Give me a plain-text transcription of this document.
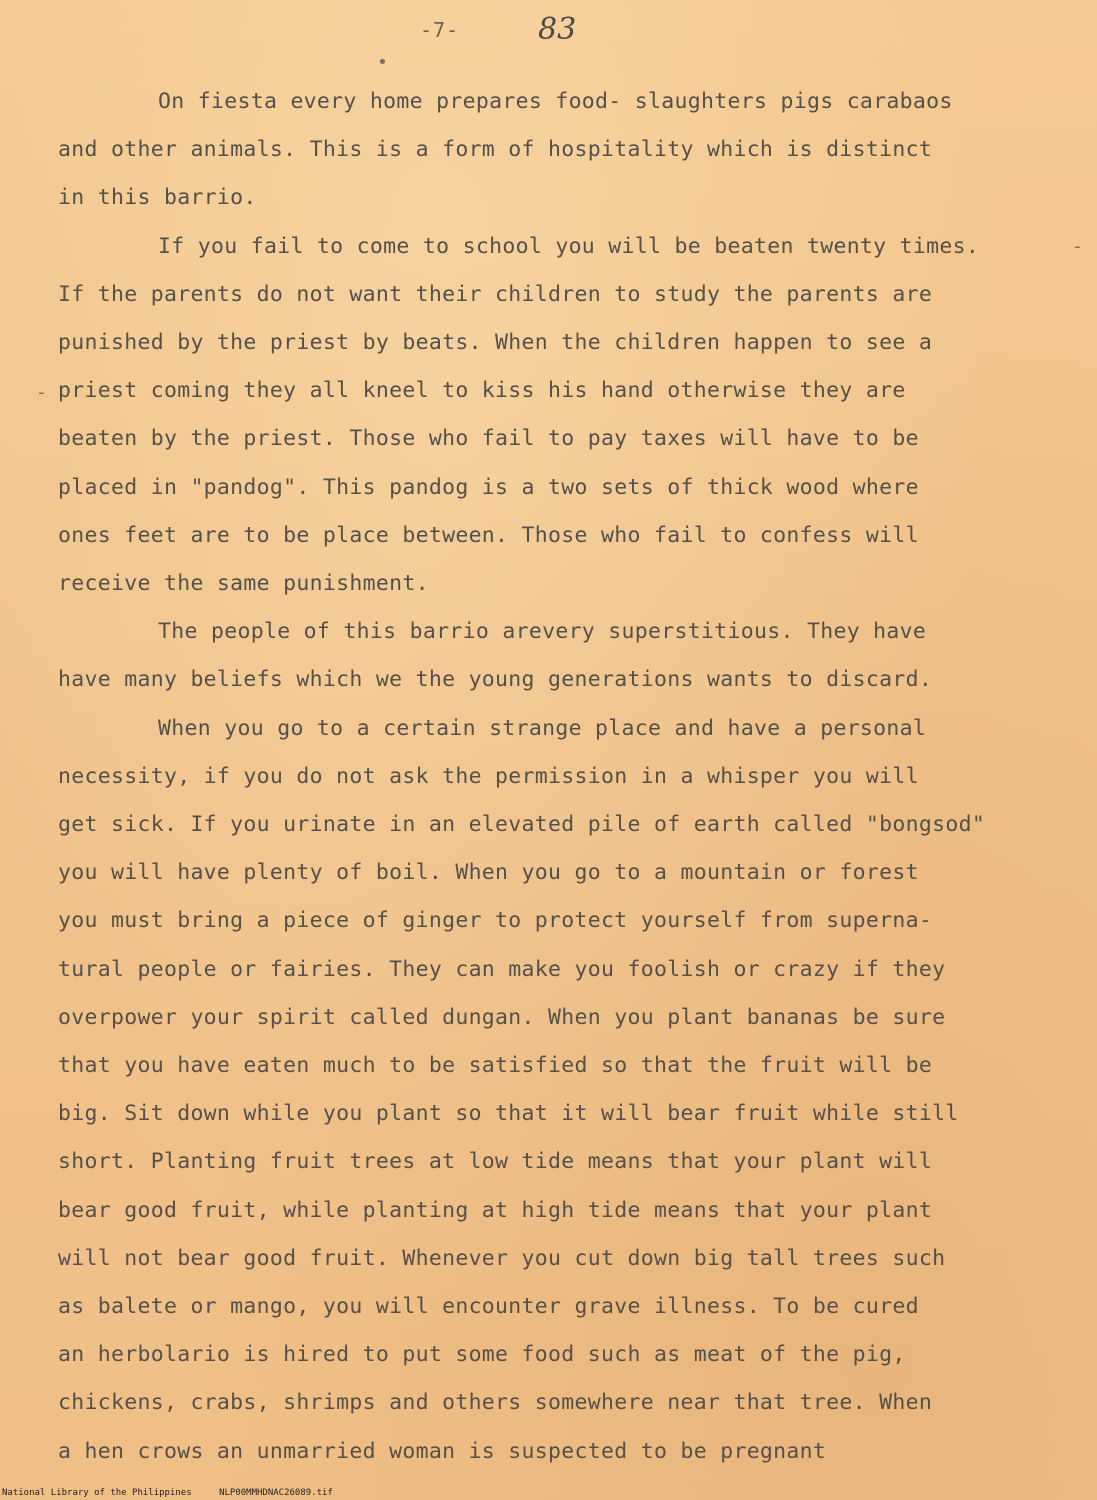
-7-	83
•
-
-
On fiesta every home prepares food- slaughters pigs carabaos
and other animals. This is a form of hospitality which is distinct
in this barrio.
If you fail to come to school you will be beaten twenty times.
If the parents do not want their children to study the parents are
punished by the priest by beats. When the children happen to see a
priest coming they all kneel to kiss his hand otherwise they are
beaten by the priest. Those who fail to pay taxes will have to be
placed in "pandog". This pandog is a two sets of thick wood where
ones feet are to be place between. Those who fail to confess will
receive the same punishment.
The people of this barrio arevery superstitious. They have
have many beliefs which we the young generations wants to discard.
When you go to a certain strange place and have a personal
necessity, if you do not ask the permission in a whisper you will
get sick. If you urinate in an elevated pile of earth called "bongsod"
you will have plenty of boil. When you go to a mountain or forest
you must bring a piece of ginger to protect yourself from superna-
tural people or fairies. They can make you foolish or crazy if they
overpower your spirit called dungan. When you plant bananas be sure
that you have eaten much to be satisfied so that the fruit will be
big. Sit down while you plant so that it will bear fruit while still
short. Planting fruit trees at low tide means that your plant will
bear good fruit, while planting at high tide means that your plant
will not bear good fruit. Whenever you cut down big tall trees such
as balete or mango, you will encounter grave illness. To be cured
an herbolario is hired to put some food such as meat of the pig,
chickens, crabs, shrimps and others somewhere near that tree. When
a hen crows an unmarried woman is suspected to be pregnant
National Library of the Philippines	NLP00MMHDNAC26089.tif
